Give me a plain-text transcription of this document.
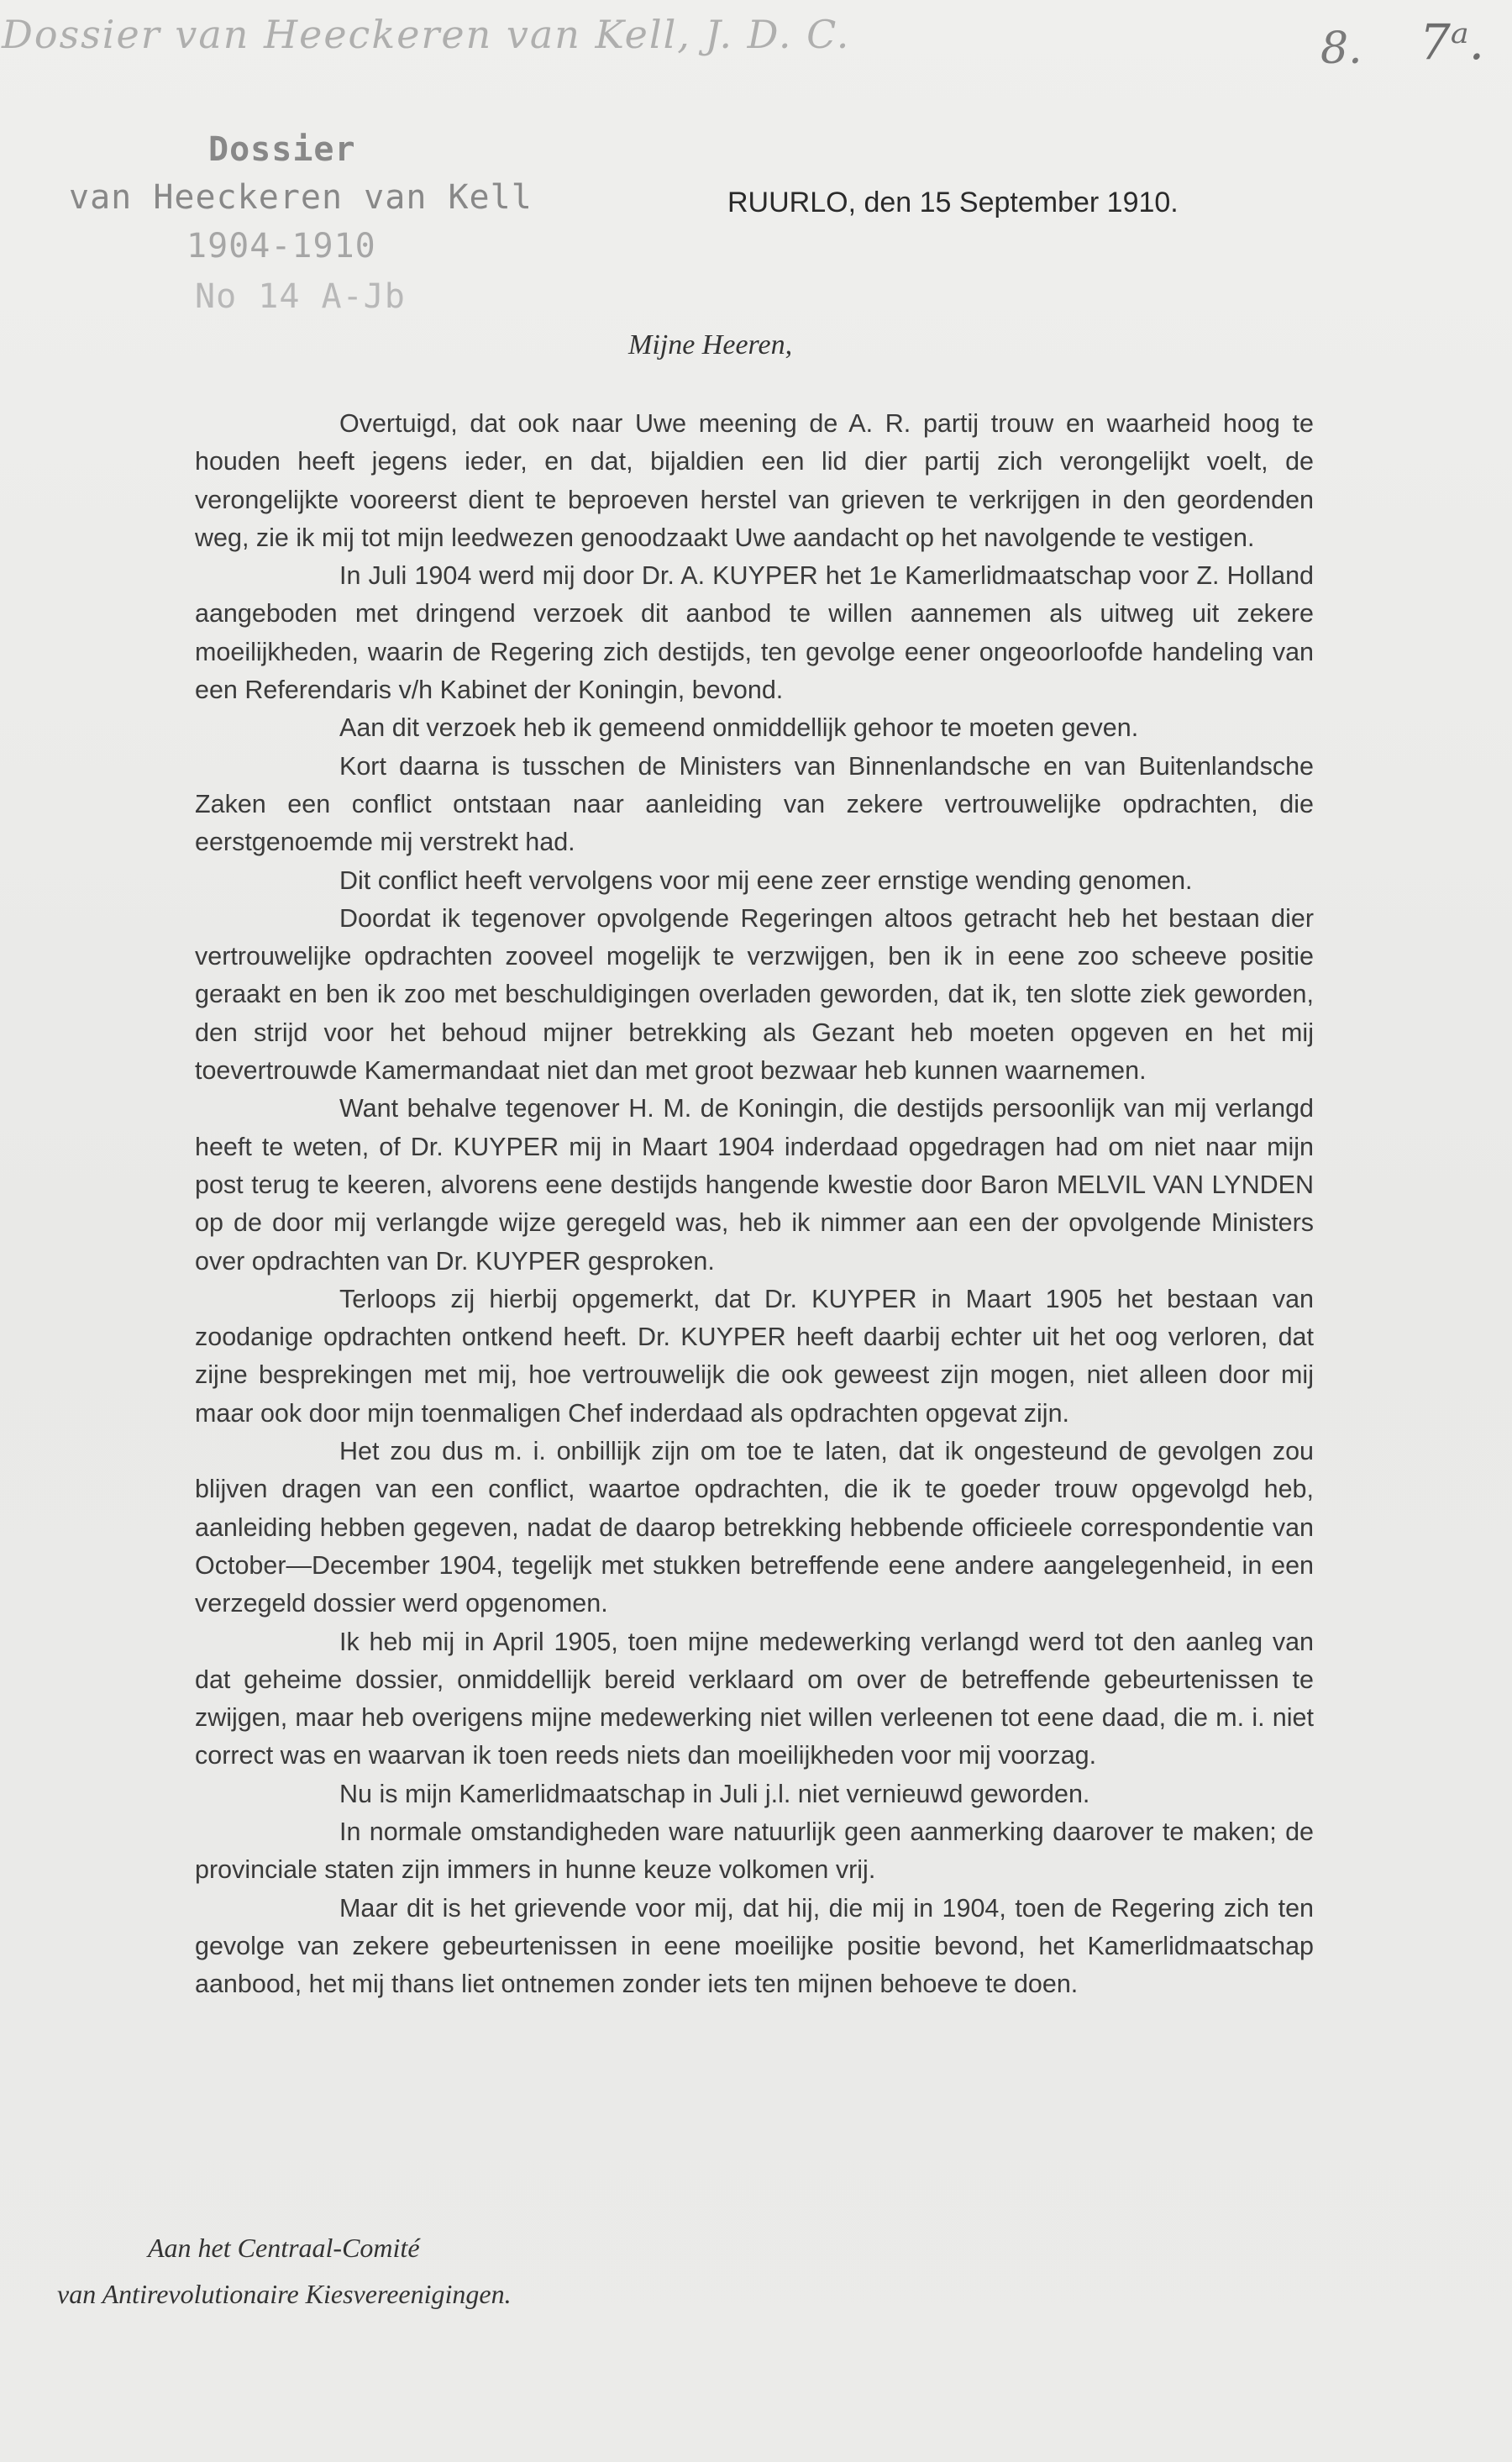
Dossier van Heeckeren van Kell, J. D. C.	8. 7ᵃ.
Dossier
van Heeckeren van Kell
1904-1910
No 14 A-Jb
RUURLO, den 15 September 1910.
Mijne Heeren,

Overtuigd, dat ook naar Uwe meening de A. R. partij trouw en waarheid hoog te houden heeft jegens ieder, en dat, bijaldien een lid dier partij zich verongelijkt voelt, de verongelijkte vooreerst dient te beproeven herstel van grieven te verkrijgen in den geordenden weg, zie ik mij tot mijn leedwezen genoodzaakt Uwe aandacht op het navolgende te vestigen.

In Juli 1904 werd mij door Dr. A. KUYPER het 1e Kamerlidmaatschap voor Z. Holland aangeboden met dringend verzoek dit aanbod te willen aannemen als uitweg uit zekere moeilijkheden, waarin de Regering zich destijds, ten gevolge eener ongeoorloofde handeling van een Referendaris v/h Kabinet der Koningin, bevond.

Aan dit verzoek heb ik gemeend onmiddellijk gehoor te moeten geven.

Kort daarna is tusschen de Ministers van Binnenlandsche en van Buitenlandsche Zaken een conflict ontstaan naar aanleiding van zekere vertrouwelijke opdrachten, die eerstgenoemde mij verstrekt had.

Dit conflict heeft vervolgens voor mij eene zeer ernstige wending genomen.

Doordat ik tegenover opvolgende Regeringen altoos getracht heb het bestaan dier vertrouwelijke opdrachten zooveel mogelijk te verzwijgen, ben ik in eene zoo scheeve positie geraakt en ben ik zoo met beschuldigingen overladen geworden, dat ik, ten slotte ziek geworden, den strijd voor het behoud mijner betrekking als Gezant heb moeten opgeven en het mij toevertrouwde Kamermandaat niet dan met groot bezwaar heb kunnen waarnemen.

Want behalve tegenover H. M. de Koningin, die destijds persoonlijk van mij verlangd heeft te weten, of Dr. KUYPER mij in Maart 1904 inderdaad opgedragen had om niet naar mijn post terug te keeren, alvorens eene destijds hangende kwestie door Baron MELVIL VAN LYNDEN op de door mij verlangde wijze geregeld was, heb ik nimmer aan een der opvolgende Ministers over opdrachten van Dr. KUYPER gesproken.

Terloops zij hierbij opgemerkt, dat Dr. KUYPER in Maart 1905 het bestaan van zoodanige opdrachten ontkend heeft. Dr. KUYPER heeft daarbij echter uit het oog verloren, dat zijne besprekingen met mij, hoe vertrouwelijk die ook geweest zijn mogen, niet alleen door mij maar ook door mijn toenmaligen Chef inderdaad als opdrachten opgevat zijn.

Het zou dus m. i. onbillijk zijn om toe te laten, dat ik ongesteund de gevolgen zou blijven dragen van een conflict, waartoe opdrachten, die ik te goeder trouw opgevolgd heb, aanleiding hebben gegeven, nadat de daarop betrekking hebbende officieele correspondentie van October—December 1904, tegelijk met stukken betreffende eene andere aangelegenheid, in een verzegeld dossier werd opgenomen.

Ik heb mij in April 1905, toen mijne medewerking verlangd werd tot den aanleg van dat geheime dossier, onmiddellijk bereid verklaard om over de betreffende gebeurtenissen te zwijgen, maar heb overigens mijne medewerking niet willen verleenen tot eene daad, die m. i. niet correct was en waarvan ik toen reeds niets dan moeilijkheden voor mij voorzag.

Nu is mijn Kamerlidmaatschap in Juli j.l. niet vernieuwd geworden.

In normale omstandigheden ware natuurlijk geen aanmerking daarover te maken; de provinciale staten zijn immers in hunne keuze volkomen vrij.

Maar dit is het grievende voor mij, dat hij, die mij in 1904, toen de Regering zich ten gevolge van zekere gebeurtenissen in eene moeilijke positie bevond, het Kamerlidmaatschap aanbood, het mij thans liet ontnemen zonder iets ten mijnen behoeve te doen.

Aan het Centraal-Comité
van Antirevolutionaire Kiesvereenigingen.
